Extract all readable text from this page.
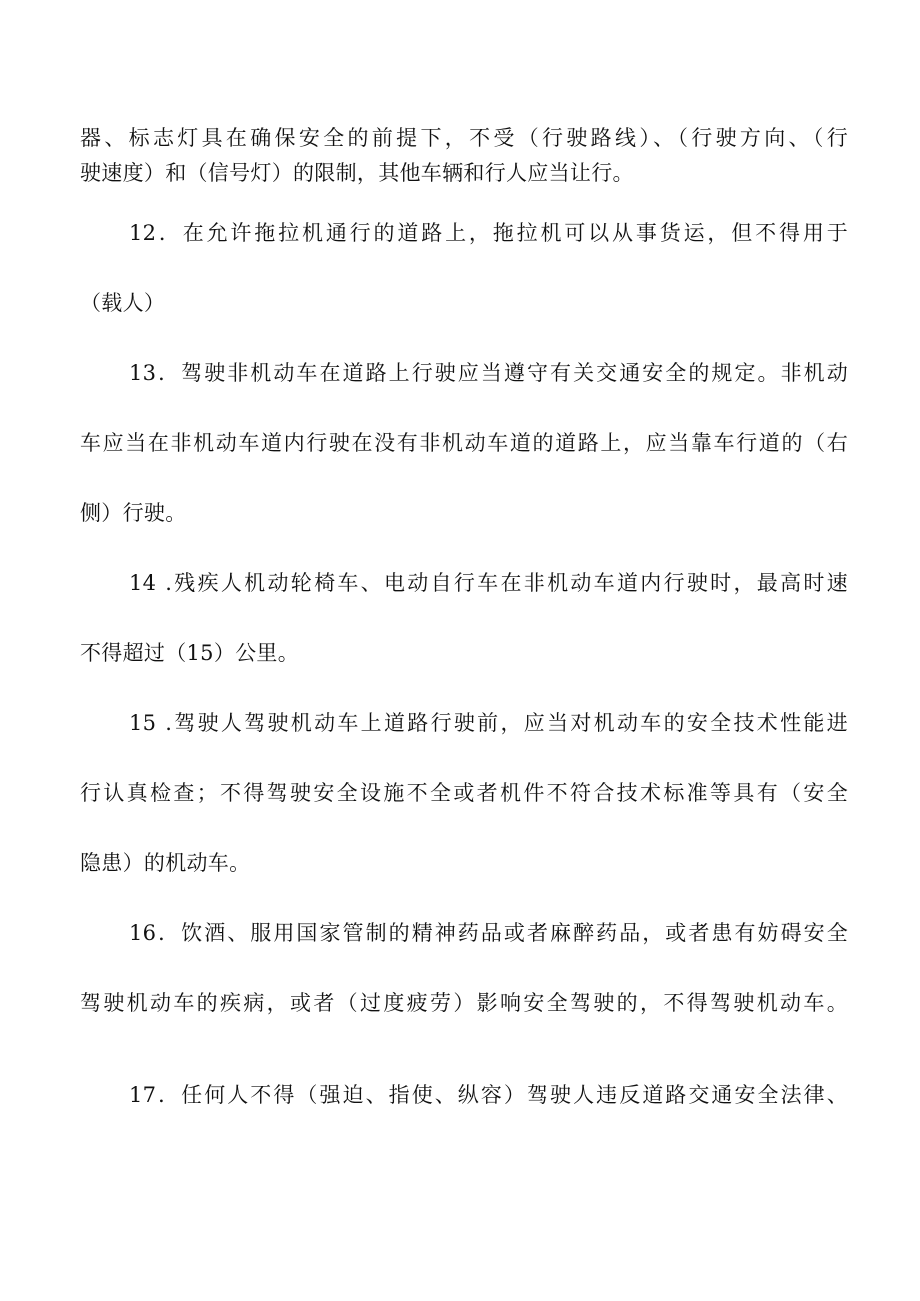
器、标志灯具在确保安全的前提下，不受（行驶路线）、（行驶方向、（行
驶速度）和（信号灯）的限制，其他车辆和行人应当让行。
12．在允许拖拉机通行的道路上，拖拉机可以从事货运，但不得用于
（载人）
13．驾驶非机动车在道路上行驶应当遵守有关交通安全的规定。非机动
车应当在非机动车道内行驶在没有非机动车道的道路上，应当靠车行道的（右
侧）行驶。
14 .残疾人机动轮椅车、电动自行车在非机动车道内行驶时，最高时速
不得超过（15）公里。
15 .驾驶人驾驶机动车上道路行驶前，应当对机动车的安全技术性能进
行认真检查；不得驾驶安全设施不全或者机件不符合技术标准等具有（安全
隐患）的机动车。
16．饮酒、服用国家管制的精神药品或者麻醉药品，或者患有妨碍安全
驾驶机动车的疾病，或者（过度疲劳）影响安全驾驶的，不得驾驶机动车。
17．任何人不得（强迫、指使、纵容）驾驶人违反道路交通安全法律、
